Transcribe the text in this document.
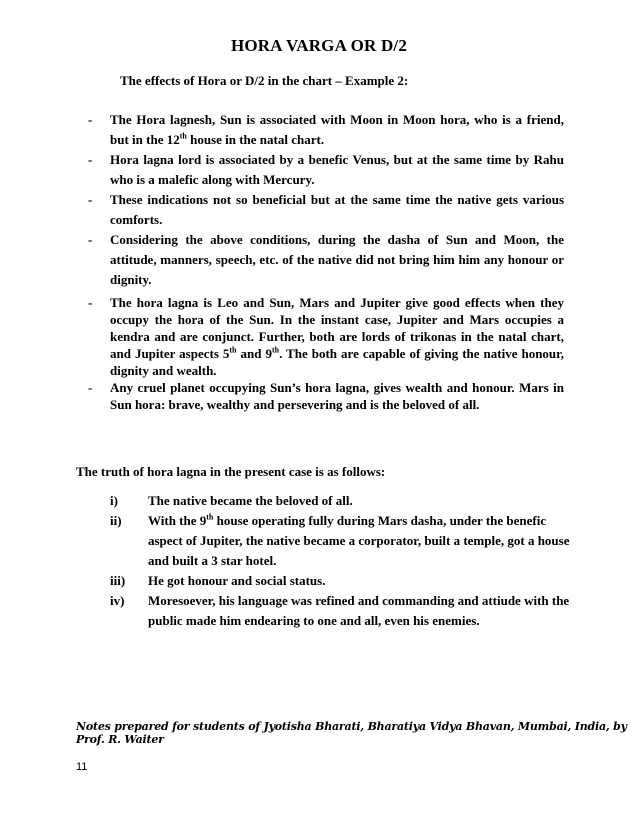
HORA VARGA OR D/2
The effects of Hora or D/2 in the chart – Example 2:
- The Hora lagnesh, Sun is associated with Moon in Moon hora, who is a friend, but in the 12th house in the natal chart.
- Hora lagna lord is associated by a benefic Venus, but at the same time by Rahu who is a malefic along with Mercury.
- These indications not so beneficial but at the same time the native gets various comforts.
- Considering the above conditions, during the dasha of Sun and Moon, the attitude, manners, speech, etc. of the native did not bring him him any honour or dignity.
- The hora lagna is Leo and Sun, Mars and Jupiter give good effects when they occupy the hora of the Sun. In the instant case, Jupiter and Mars occupies a kendra and are conjunct. Further, both are lords of trikonas in the natal chart, and Jupiter aspects 5th and 9th. The both are capable of giving the native honour, dignity and wealth.
- Any cruel planet occupying Sun’s hora lagna, gives wealth and honour. Mars in Sun hora: brave, wealthy and persevering and is the beloved of all.
The truth of hora lagna in the present case is as follows:
i) The native became the beloved of all.
ii) With the 9th house operating fully during Mars dasha, under the benefic aspect of Jupiter, the native became a corporator, built a temple, got a house and built a 3 star hotel.
iii) He got honour and social status.
iv) Moresoever, his language was refined and commanding and attiude with the public made him endearing to one and all, even his enemies.
Notes prepared for students of Jyotisha Bharati, Bharatiya Vidya Bhavan, Mumbai, India, by Prof. R. Waiter
11
